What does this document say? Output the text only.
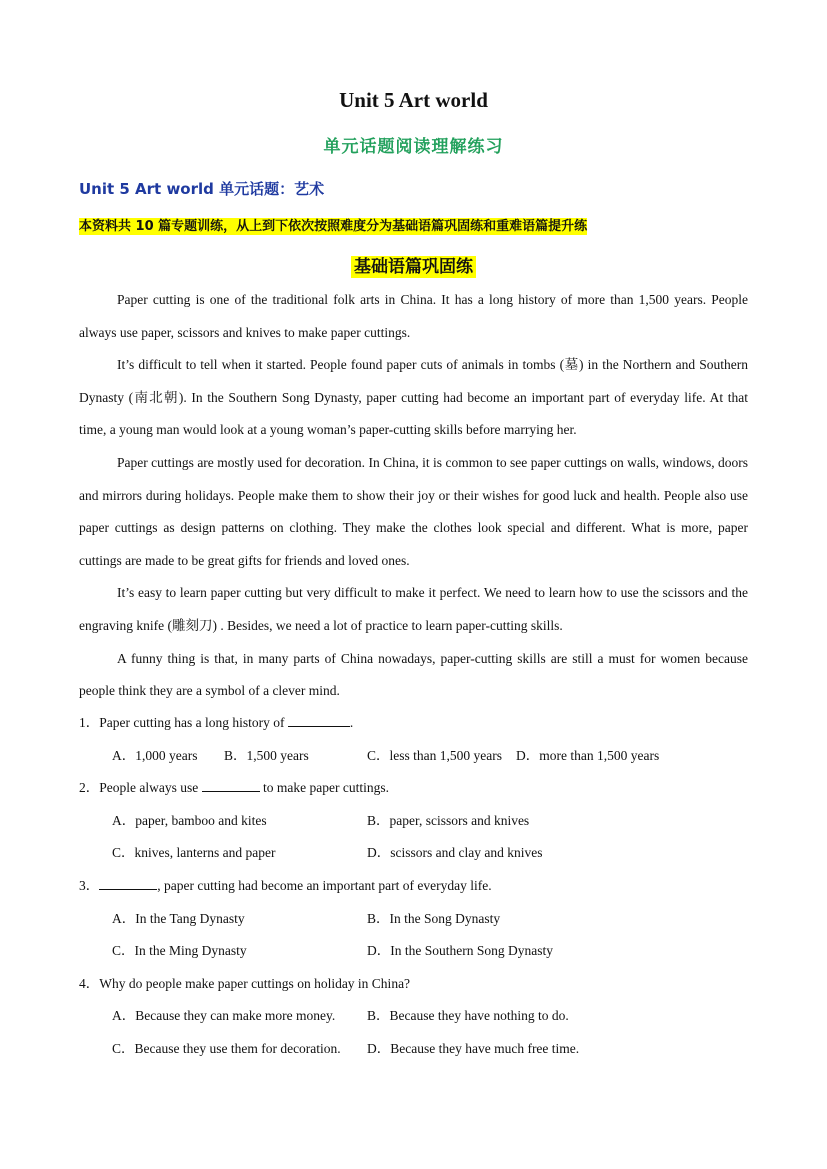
Unit 5 Art world
单元话题阅读理解练习
Unit 5 Art world 单元话题：艺术
本资料共 10 篇专题训练，从上到下依次按照难度分为基础语篇巩固练和重难语篇提升练
基础语篇巩固练

Paper cutting is one of the traditional folk arts in China. It has a long history of more than 1,500 years. People always use paper, scissors and knives to make paper cuttings.

It’s difficult to tell when it started. People found paper cuts of animals in tombs (墓) in the Northern and Southern Dynasty (南北朝). In the Southern Song Dynasty, paper cutting had become an important part of everyday life. At that time, a young man would look at a young woman’s paper-cutting skills before marrying her.

Paper cuttings are mostly used for decoration. In China, it is common to see paper cuttings on walls, windows, doors and mirrors during holidays. People make them to show their joy or their wishes for good luck and health. People also use paper cuttings as design patterns on clothing. They make the clothes look special and different. What is more, paper cuttings are made to be great gifts for friends and loved ones.

It’s easy to learn paper cutting but very difficult to make it perfect. We need to learn how to use the scissors and the engraving knife (雕刻刀) . Besides, we need a lot of practice to learn paper-cutting skills.

A funny thing is that, in many parts of China nowadays, paper-cutting skills are still a must for women because people think they are a symbol of a clever mind.

1．Paper cutting has a long history of	.
A．1,000 years B．1,500 years	C．less than 1,500 years D．more than 1,500 years
2．People always use	to make paper cuttings.
A．paper, bamboo and kites	B．paper, scissors and knives
C．knives, lanterns and paper	D．scissors and clay and knives
3．	, paper cutting had become an important part of everyday life.
A．In the Tang Dynasty	B．In the Song Dynasty
C．In the Ming Dynasty	D．In the Southern Song Dynasty
4．Why do people make paper cuttings on holiday in China?
A．Because they can make more money. B．Because they have nothing to do.
C．Because they use them for decoration. D．Because they have much free time.
